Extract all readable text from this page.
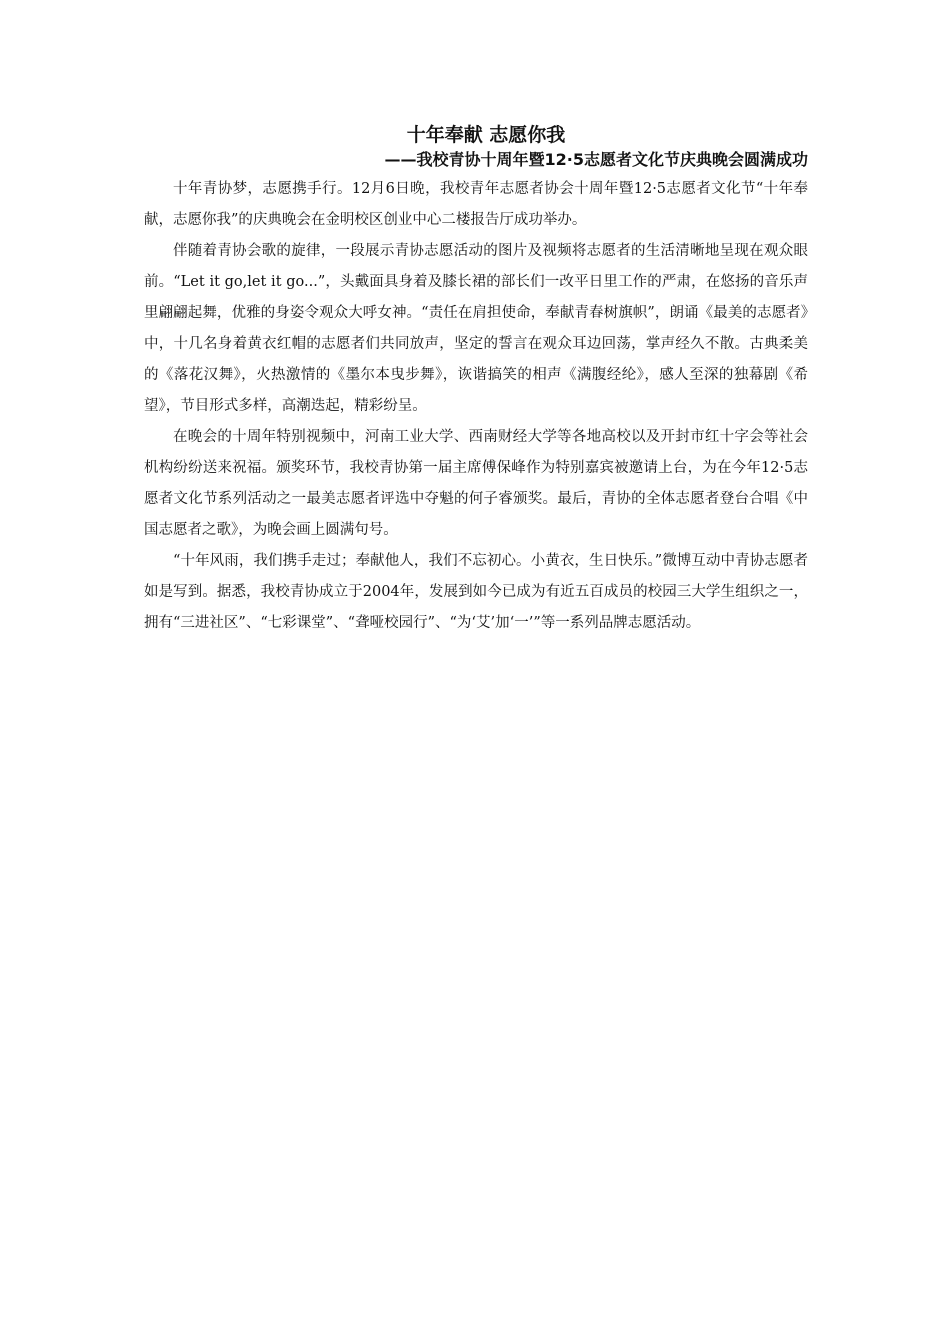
十年奉献 志愿你我
——我校青协十周年暨12·5志愿者文化节庆典晚会圆满成功

十年青协梦，志愿携手行。12月6日晚，我校青年志愿者协会十周年暨12·5志愿者文化节“十年奉献，志愿你我”的庆典晚会在金明校区创业中心二楼报告厅成功举办。

伴随着青协会歌的旋律，一段展示青协志愿活动的图片及视频将志愿者的生活清晰地呈现在观众眼前。“Let it go,let it go...”，头戴面具身着及膝长裙的部长们一改平日里工作的严肃，在悠扬的音乐声里翩翩起舞，优雅的身姿令观众大呼女神。“责任在肩担使命，奉献青春树旗帜”，朗诵《最美的志愿者》中，十几名身着黄衣红帽的志愿者们共同放声，坚定的誓言在观众耳边回荡，掌声经久不散。古典柔美的《落花汉舞》，火热激情的《墨尔本曳步舞》，诙谐搞笑的相声《满腹经纶》，感人至深的独幕剧《希望》，节目形式多样，高潮迭起，精彩纷呈。

在晚会的十周年特别视频中，河南工业大学、西南财经大学等各地高校以及开封市红十字会等社会机构纷纷送来祝福。颁奖环节，我校青协第一届主席傅保峰作为特别嘉宾被邀请上台，为在今年12·5志愿者文化节系列活动之一最美志愿者评选中夺魁的何子睿颁奖。最后，青协的全体志愿者登台合唱《中国志愿者之歌》，为晚会画上圆满句号。

“十年风雨，我们携手走过；奉献他人，我们不忘初心。小黄衣，生日快乐。”微博互动中青协志愿者如是写到。据悉，我校青协成立于2004年，发展到如今已成为有近五百成员的校园三大学生组织之一，拥有“三进社区”、“七彩课堂”、“聋哑校园行”、“为‘艾’加‘一’”等一系列品牌志愿活动。
